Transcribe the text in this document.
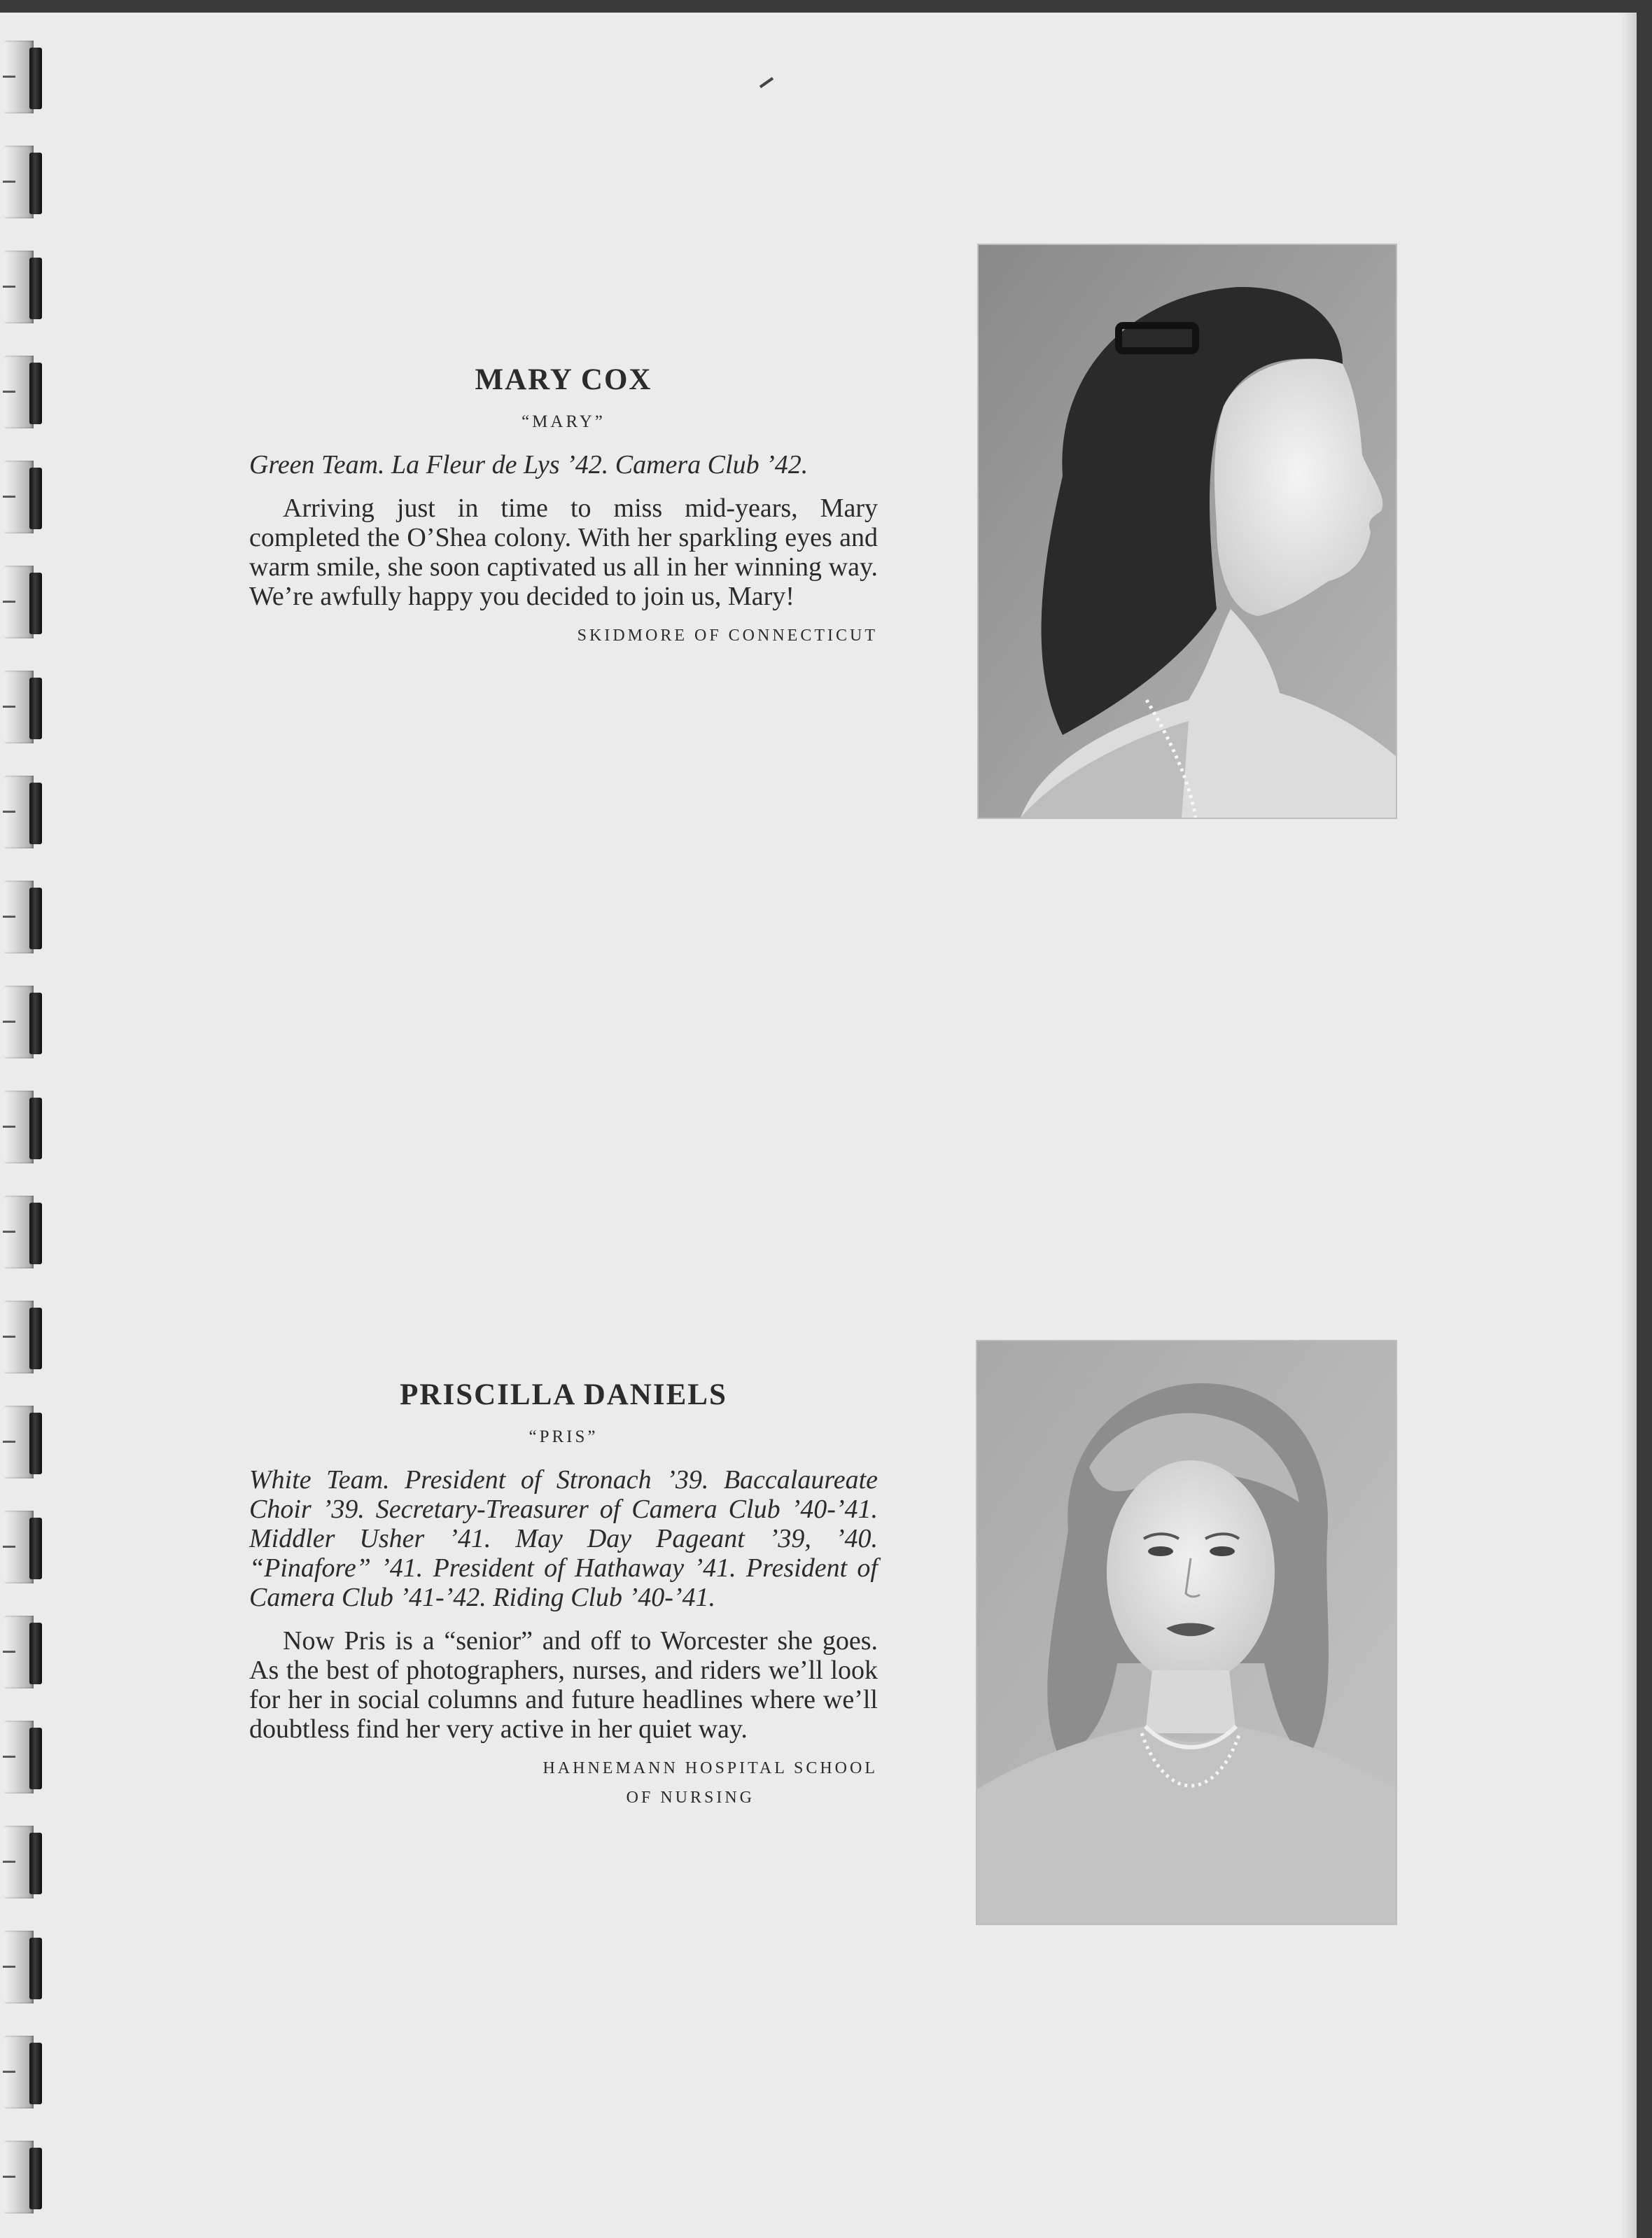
MARY COX
“MARY”
Green Team. La Fleur de Lys ’42. Camera Club ’42.
Arriving just in time to miss mid-years, Mary completed the O’Shea colony. With her sparkling eyes and warm smile, she soon captivated us all in her winning way. We’re awfully happy you decided to join us, Mary!
SKIDMORE OF CONNECTICUT
PRISCILLA DANIELS
“PRIS”
White Team. President of Stronach ’39. Baccalaureate Choir ’39. Secretary-Treasurer of Camera Club ’40-’41. Middler Usher ’41. May Day Pageant ’39, ’40. “Pinafore” ’41. President of Hathaway ’41. President of Camera Club ’41-’42. Riding Club ’40-’41.
Now Pris is a “senior” and off to Worcester she goes. As the best of photographers, nurses, and riders we’ll look for her in social columns and future headlines where we’ll doubtless find her very active in her quiet way.
HAHNEMANN HOSPITAL SCHOOL
OF NURSING
